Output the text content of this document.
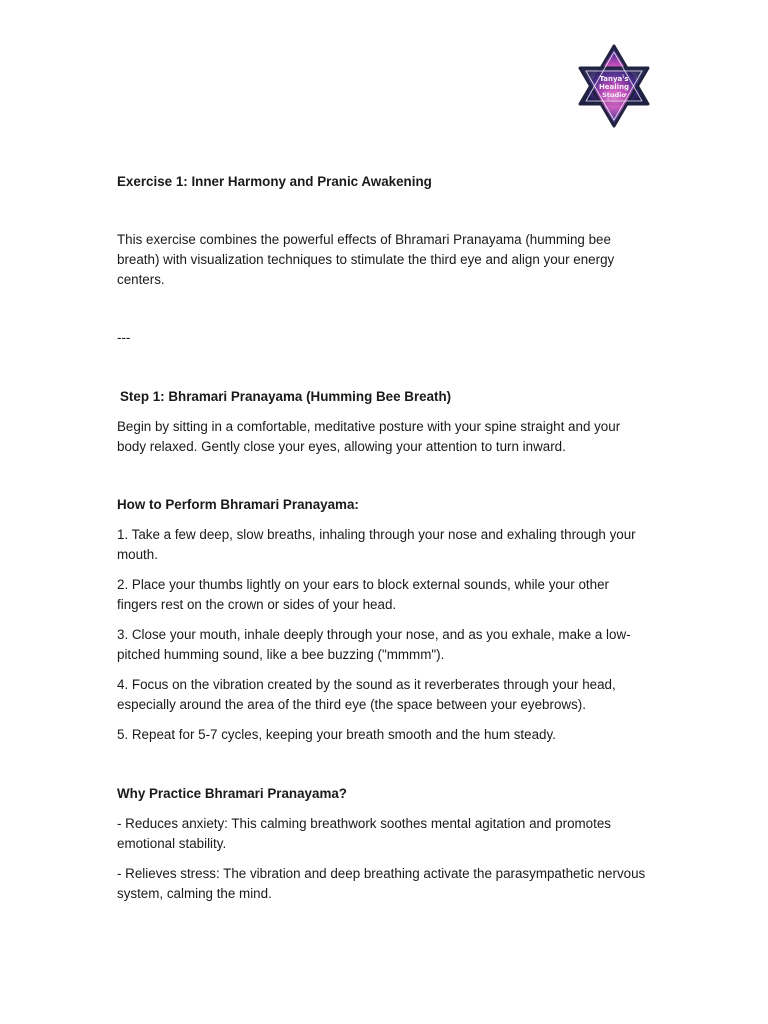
Tanya's
Healing
Studio

Exercise 1: Inner Harmony and Pranic Awakening

This exercise combines the powerful effects of Bhramari Pranayama (humming bee breath) with visualization techniques to stimulate the third eye and align your energy centers.

---

Step 1: Bhramari Pranayama (Humming Bee Breath)

Begin by sitting in a comfortable, meditative posture with your spine straight and your body relaxed. Gently close your eyes, allowing your attention to turn inward.

How to Perform Bhramari Pranayama:

1. Take a few deep, slow breaths, inhaling through your nose and exhaling through your mouth.

2. Place your thumbs lightly on your ears to block external sounds, while your other fingers rest on the crown or sides of your head.

3. Close your mouth, inhale deeply through your nose, and as you exhale, make a low-pitched humming sound, like a bee buzzing ("mmmm").

4. Focus on the vibration created by the sound as it reverberates through your head, especially around the area of the third eye (the space between your eyebrows).

5. Repeat for 5-7 cycles, keeping your breath smooth and the hum steady.

Why Practice Bhramari Pranayama?

- Reduces anxiety: This calming breathwork soothes mental agitation and promotes emotional stability.

- Relieves stress: The vibration and deep breathing activate the parasympathetic nervous system, calming the mind.
